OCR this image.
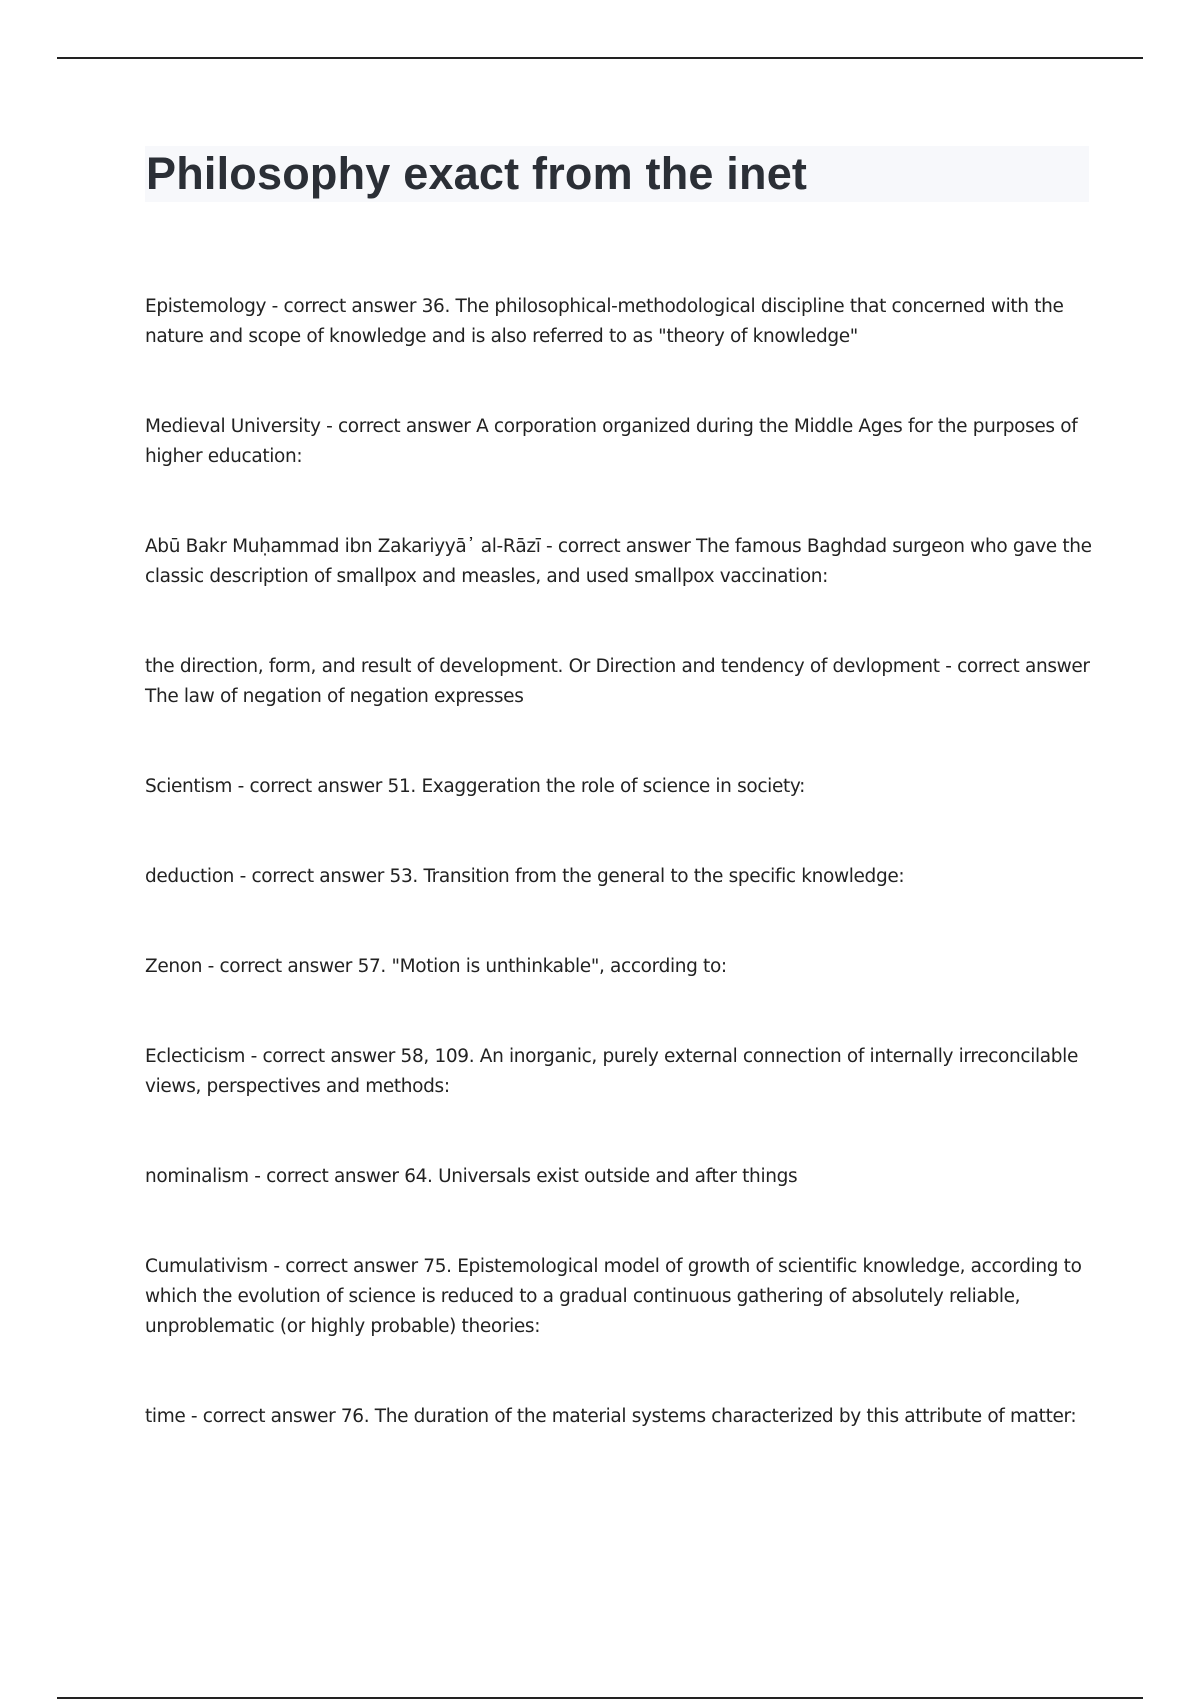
Philosophy exact from the inet
Epistemology - correct answer 36. The philosophical-methodological discipline that concerned with the nature and scope of knowledge and is also referred to as "theory of knowledge"
Medieval University - correct answer A corporation organized during the Middle Ages for the purposes of higher education:
Abū Bakr Muḥammad ibn Zakariyyā᾿ al-Rāzī - correct answer The famous Baghdad surgeon who gave the classic description of smallpox and measles, and used smallpox vaccination:
the direction, form, and result of development. Or Direction and tendency of devlopment - correct answer The law of negation of negation expresses
Scientism - correct answer 51. Exaggeration the role of science in society:
deduction - correct answer 53. Transition from the general to the specific knowledge:
Zenon - correct answer 57. "Motion is unthinkable", according to:
Eclecticism - correct answer 58, 109. An inorganic, purely external connection of internally irreconcilable views, perspectives and methods:
nominalism - correct answer 64. Universals exist outside and after things
Cumulativism - correct answer 75. Epistemological model of growth of scientific knowledge, according to which the evolution of science is reduced to a gradual continuous gathering of absolutely reliable, unproblematic (or highly probable) theories:
time - correct answer 76. The duration of the material systems characterized by this attribute of matter:
